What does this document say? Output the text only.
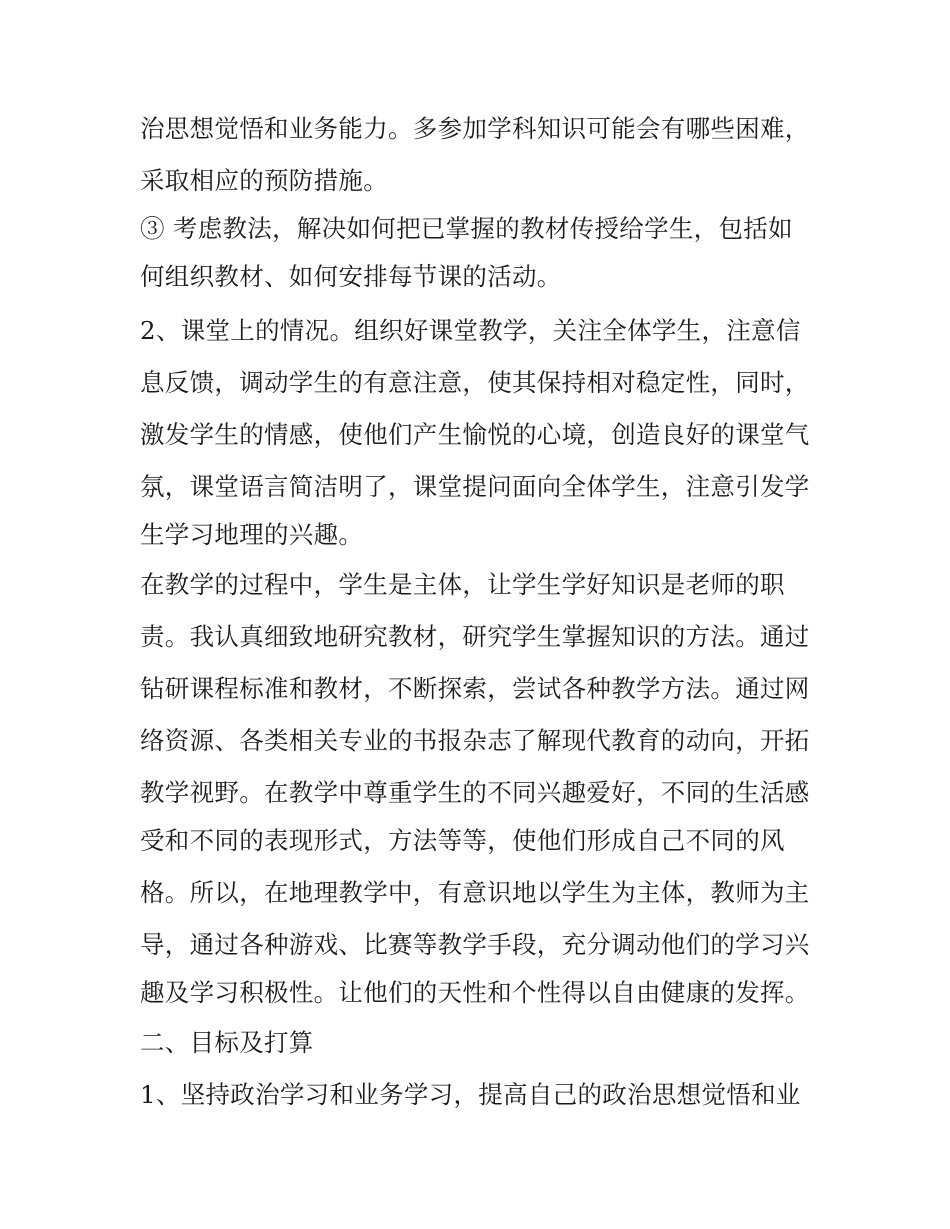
治思想觉悟和业务能力。多参加学科知识可能会有哪些困难，
采取相应的预防措施。
③ 考虑教法，解决如何把已掌握的教材传授给学生，包括如
何组织教材、如何安排每节课的活动。
2、课堂上的情况。组织好课堂教学，关注全体学生，注意信
息反馈，调动学生的有意注意，使其保持相对稳定性，同时，
激发学生的情感，使他们产生愉悦的心境，创造良好的课堂气
氛，课堂语言简洁明了，课堂提问面向全体学生，注意引发学
生学习地理的兴趣。
在教学的过程中，学生是主体，让学生学好知识是老师的职
责。我认真细致地研究教材，研究学生掌握知识的方法。通过
钻研课程标准和教材，不断探索，尝试各种教学方法。通过网
络资源、各类相关专业的书报杂志了解现代教育的动向，开拓
教学视野。在教学中尊重学生的不同兴趣爱好，不同的生活感
受和不同的表现形式，方法等等，使他们形成自己不同的风
格。所以，在地理教学中，有意识地以学生为主体，教师为主
导，通过各种游戏、比赛等教学手段，充分调动他们的学习兴
趣及学习积极性。让他们的天性和个性得以自由健康的发挥。
二、目标及打算
1、坚持政治学习和业务学习，提高自己的政治思想觉悟和业
